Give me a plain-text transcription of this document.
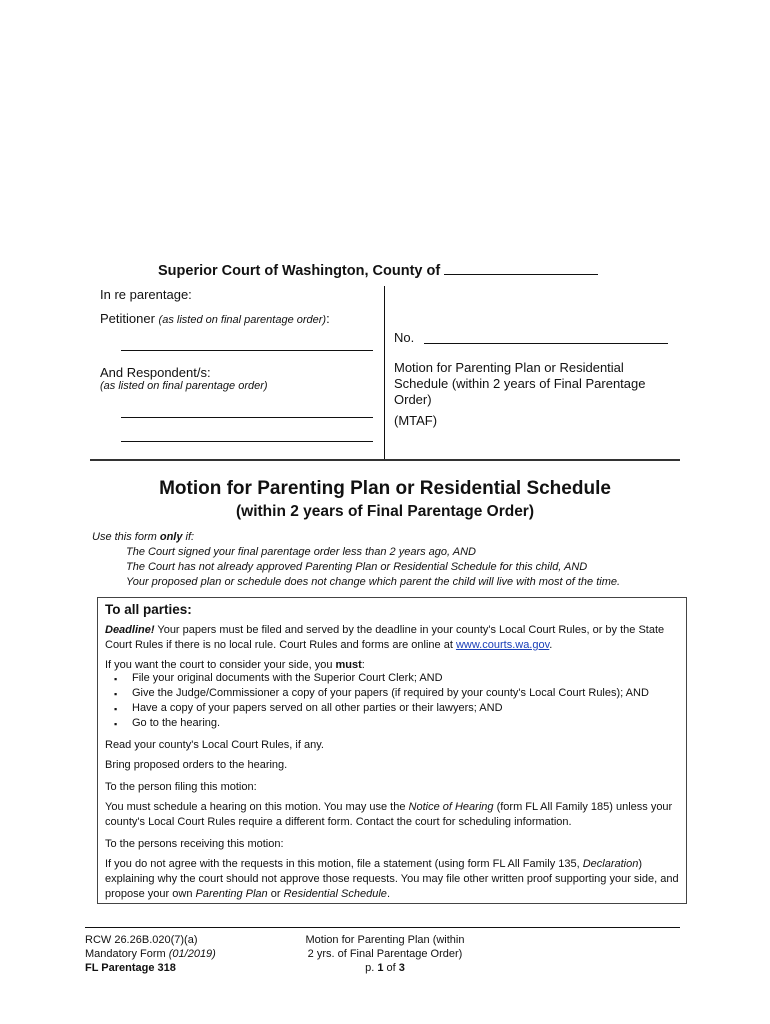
Superior Court of Washington, County of
In re parentage:
Petitioner (as listed on final parentage order):
And Respondent/s:
(as listed on final parentage order)
No.
Motion for Parenting Plan or Residential
Schedule (within 2 years of Final Parentage
Order)
(MTAF)
Motion for Parenting Plan or Residential Schedule
(within 2 years of Final Parentage Order)
Use this form only if:
The Court signed your final parentage order less than 2 years ago, AND
The Court has not already approved Parenting Plan or Residential Schedule for this child, AND
Your proposed plan or schedule does not change which parent the child will live with most of the time.
To all parties:
Deadline! Your papers must be filed and served by the deadline in your county's Local Court Rules, or by the State Court Rules if there is no local rule. Court Rules and forms are online at www.courts.wa.gov.
If you want the court to consider your side, you must:
▪ File your original documents with the Superior Court Clerk; AND
▪ Give the Judge/Commissioner a copy of your papers (if required by your county's Local Court Rules); AND
▪ Have a copy of your papers served on all other parties or their lawyers; AND
▪ Go to the hearing.
Read your county's Local Court Rules, if any.
Bring proposed orders to the hearing.
To the person filing this motion:
You must schedule a hearing on this motion. You may use the Notice of Hearing (form FL All Family 185) unless your county's Local Court Rules require a different form. Contact the court for scheduling information.
To the persons receiving this motion:
If you do not agree with the requests in this motion, file a statement (using form FL All Family 135, Declaration) explaining why the court should not approve those requests. You may file other written proof supporting your side, and propose your own Parenting Plan or Residential Schedule.
RCW 26.26B.020(7)(a)
Mandatory Form (01/2019)
FL Parentage 318
Motion for Parenting Plan (within
2 yrs. of Final Parentage Order)
p. 1 of 3
